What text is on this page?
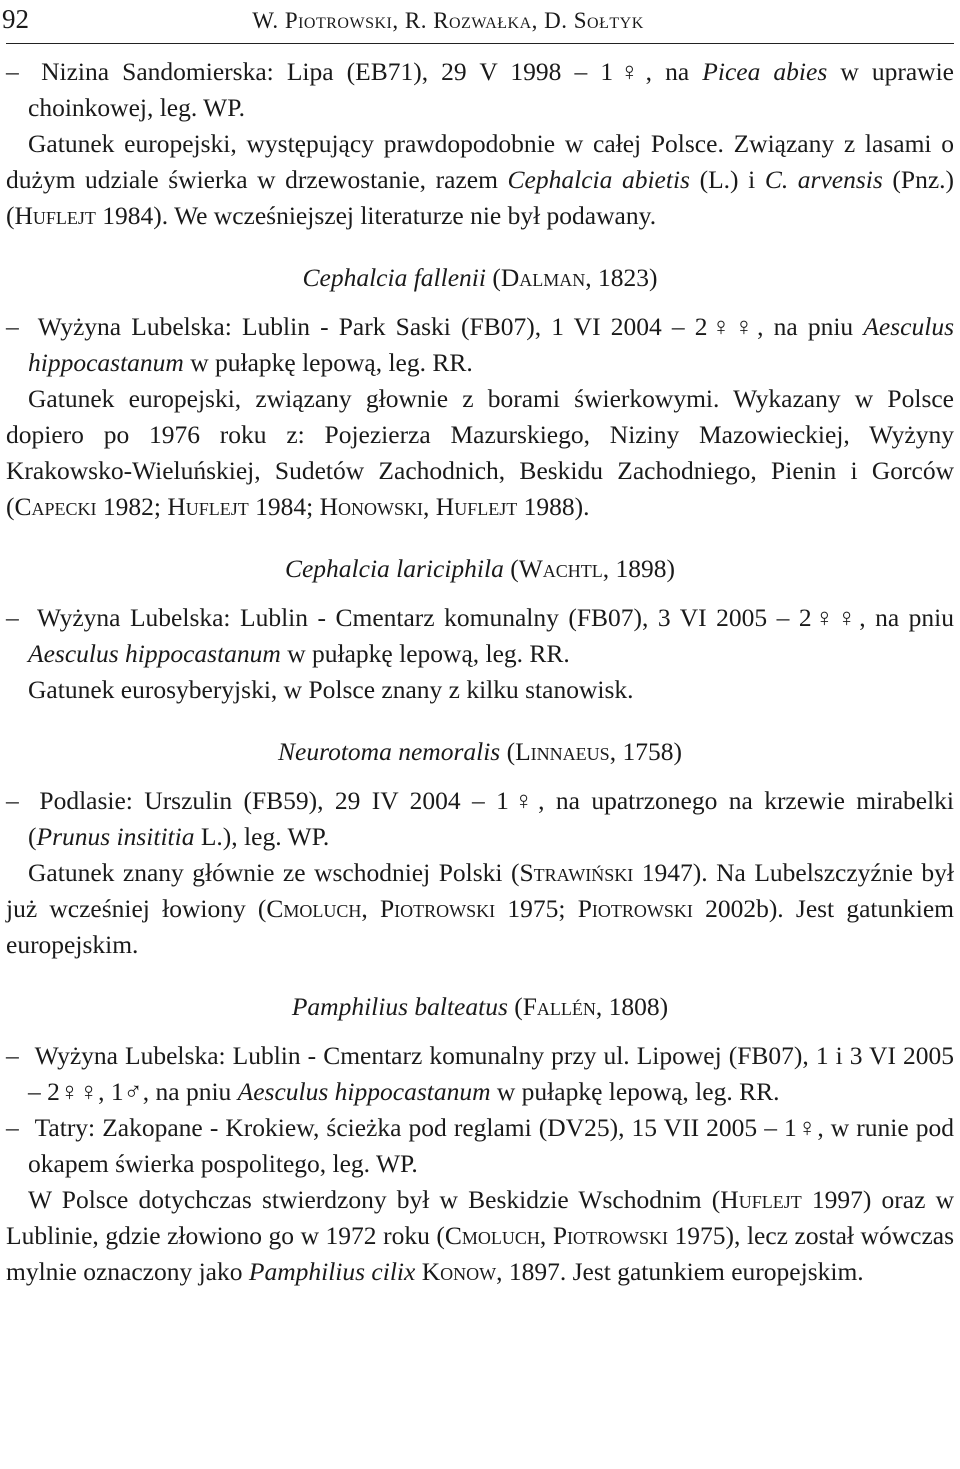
92	W. Piotrowski, R. Rozwałka, D. Sołtyk

– Nizina Sandomierska: Lipa (EB71), 29 V 1998 – 1♀, na Picea abies w uprawie choinkowej, leg. WP.

Gatunek europejski, występujący prawdopodobnie w całej Polsce. Związany z lasami o dużym udziale świerka w drzewostanie, razem Cephalcia abietis (L.) i C. arvensis (Pnz.) (Huflejt 1984). We wcześniejszej literaturze nie był podawany.

Cephalcia fallenii (Dalman, 1823)

– Wyżyna Lubelska: Lublin - Park Saski (FB07), 1 VI 2004 – 2♀♀, na pniu Aesculus hippocastanum w pułapkę lepową, leg. RR.

Gatunek europejski, związany głownie z borami świerkowymi. Wykazany w Polsce dopiero po 1976 roku z: Pojezierza Mazurskiego, Niziny Mazowieckiej, Wyżyny Krakowsko-Wieluńskiej, Sudetów Zachodnich, Beskidu Zachodniego, Pienin i Gorców (Capecki 1982; Huflejt 1984; Honowski, Huflejt 1988).

Cephalcia lariciphila (Wachtl, 1898)

– Wyżyna Lubelska: Lublin - Cmentarz komunalny (FB07), 3 VI 2005 – 2♀♀, na pniu Aesculus hippocastanum w pułapkę lepową, leg. RR.

Gatunek eurosyberyjski, w Polsce znany z kilku stanowisk.

Neurotoma nemoralis (Linnaeus, 1758)

– Podlasie: Urszulin (FB59), 29 IV 2004 – 1♀, na upatrzonego na krzewie mirabelki (Prunus insititia L.), leg. WP.

Gatunek znany głównie ze wschodniej Polski (Strawiński 1947). Na Lubelszczyźnie był już wcześniej łowiony (Cmoluch, Piotrowski 1975; Piotrowski 2002b). Jest gatunkiem europejskim.

Pamphilius balteatus (Fallén, 1808)

– Wyżyna Lubelska: Lublin - Cmentarz komunalny przy ul. Lipowej (FB07), 1 i 3 VI 2005 – 2♀♀, 1♂, na pniu Aesculus hippocastanum w pułapkę lepową, leg. RR.

– Tatry: Zakopane - Krokiew, ścieżka pod reglami (DV25), 15 VII 2005 – 1♀, w runie pod okapem świerka pospolitego, leg. WP.

W Polsce dotychczas stwierdzony był w Beskidzie Wschodnim (Huflejt 1997) oraz w Lublinie, gdzie złowiono go w 1972 roku (Cmoluch, Piotrowski 1975), lecz został wówczas mylnie oznaczony jako Pamphilius cilix Konow, 1897. Jest gatunkiem europejskim.
